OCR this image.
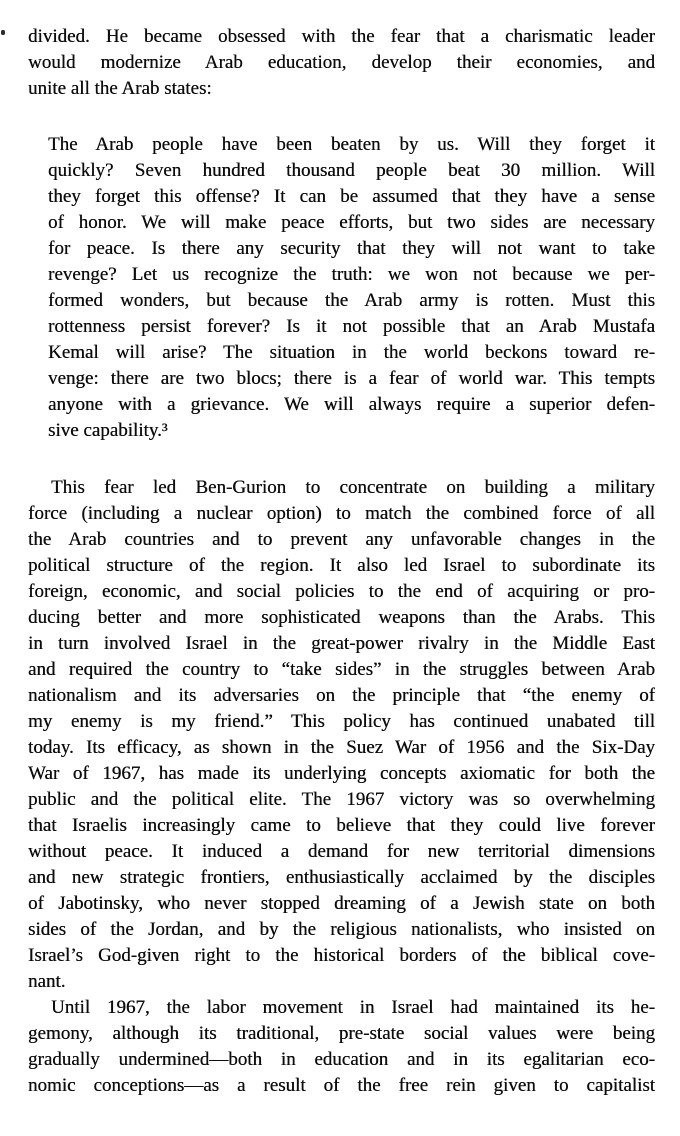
divided. He became obsessed with the fear that a charismatic leader
would modernize Arab education, develop their economies, and
unite all the Arab states:
The Arab people have been beaten by us. Will they forget it
quickly? Seven hundred thousand people beat 30 million. Will
they forget this offense? It can be assumed that they have a sense
of honor. We will make peace efforts, but two sides are necessary
for peace. Is there any security that they will not want to take
revenge? Let us recognize the truth: we won not because we per-
formed wonders, but because the Arab army is rotten. Must this
rottenness persist forever? Is it not possible that an Arab Mustafa
Kemal will arise? The situation in the world beckons toward re-
venge: there are two blocs; there is a fear of world war. This tempts
anyone with a grievance. We will always require a superior defen-
sive capability.³
This fear led Ben-Gurion to concentrate on building a military
force (including a nuclear option) to match the combined force of all
the Arab countries and to prevent any unfavorable changes in the
political structure of the region. It also led Israel to subordinate its
foreign, economic, and social policies to the end of acquiring or pro-
ducing better and more sophisticated weapons than the Arabs. This
in turn involved Israel in the great-power rivalry in the Middle East
and required the country to “take sides” in the struggles between Arab
nationalism and its adversaries on the principle that “the enemy of
my enemy is my friend.” This policy has continued unabated till
today. Its efficacy, as shown in the Suez War of 1956 and the Six-Day
War of 1967, has made its underlying concepts axiomatic for both the
public and the political elite. The 1967 victory was so overwhelming
that Israelis increasingly came to believe that they could live forever
without peace. It induced a demand for new territorial dimensions
and new strategic frontiers, enthusiastically acclaimed by the disciples
of Jabotinsky, who never stopped dreaming of a Jewish state on both
sides of the Jordan, and by the religious nationalists, who insisted on
Israel’s God-given right to the historical borders of the biblical cove-
nant.
Until 1967, the labor movement in Israel had maintained its he-
gemony, although its traditional, pre-state social values were being
gradually undermined—both in education and in its egalitarian eco-
nomic conceptions—as a result of the free rein given to capitalist
